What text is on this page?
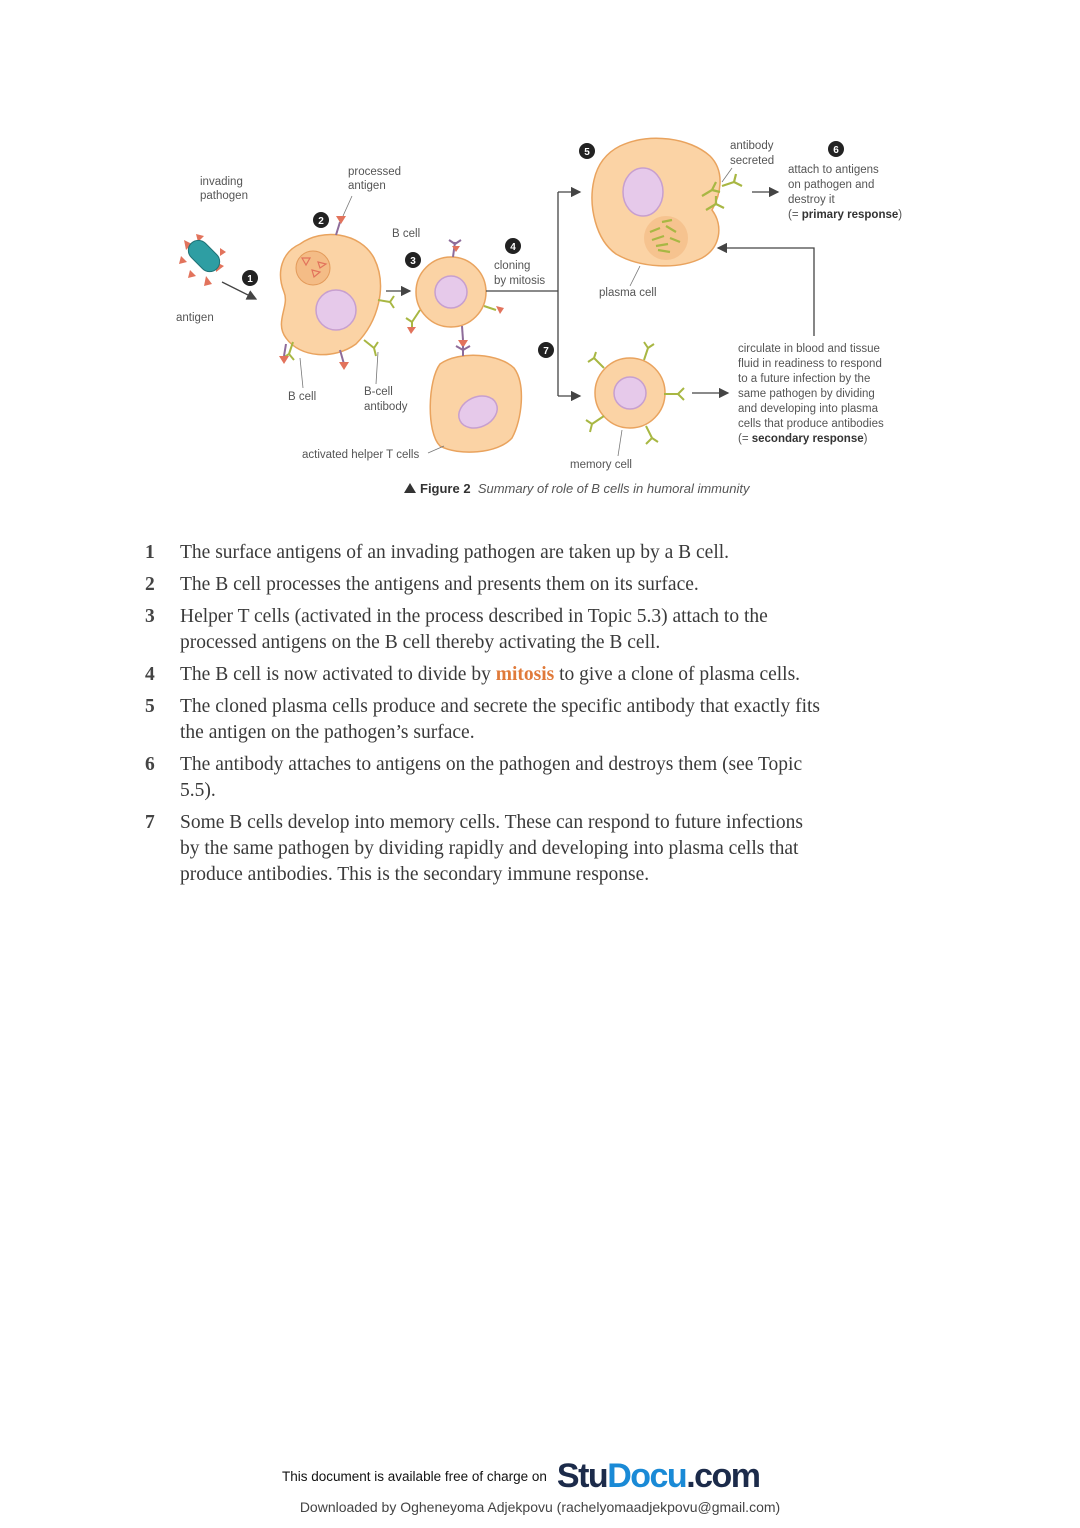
invading
pathogen
antigen
processed
antigen
B cell	B-cell
antibody
B cell
activated helper T cells
cloning
by mitosis
plasma cell
antibody
secreted
attach to antigens
on pathogen and
destroy it
(= primary response)
memory cell
circulate in blood and tissue
fluid in readiness to respond
to a future infection by the
same pathogen by dividing
and developing into plasma
cells that produce antibodies
(= secondary response)
1
2
3
4
5	6
7
Figure 2 Summary of role of B cells in humoral immunity
1 The surface antigens of an invading pathogen are taken up by a B cell.
2 The B cell processes the antigens and presents them on its surface.
3 Helper T cells (activated in the process described in Topic 5.3) attach to the processed antigens on the B cell thereby activating the B cell.
4 The B cell is now activated to divide by mitosis to give a clone of plasma cells.
5 The cloned plasma cells produce and secrete the specific antibody that exactly fits the antigen on the pathogen’s surface.
6 The antibody attaches to antigens on the pathogen and destroys them (see Topic 5.5).
7 Some B cells develop into memory cells. These can respond to future infections by the same pathogen by dividing rapidly and developing into plasma cells that produce antibodies. This is the secondary immune response.
This document is available free of charge on StuDocu.com
Downloaded by Ogheneyoma Adjekpovu (rachelyomaadjekpovu@gmail.com)
